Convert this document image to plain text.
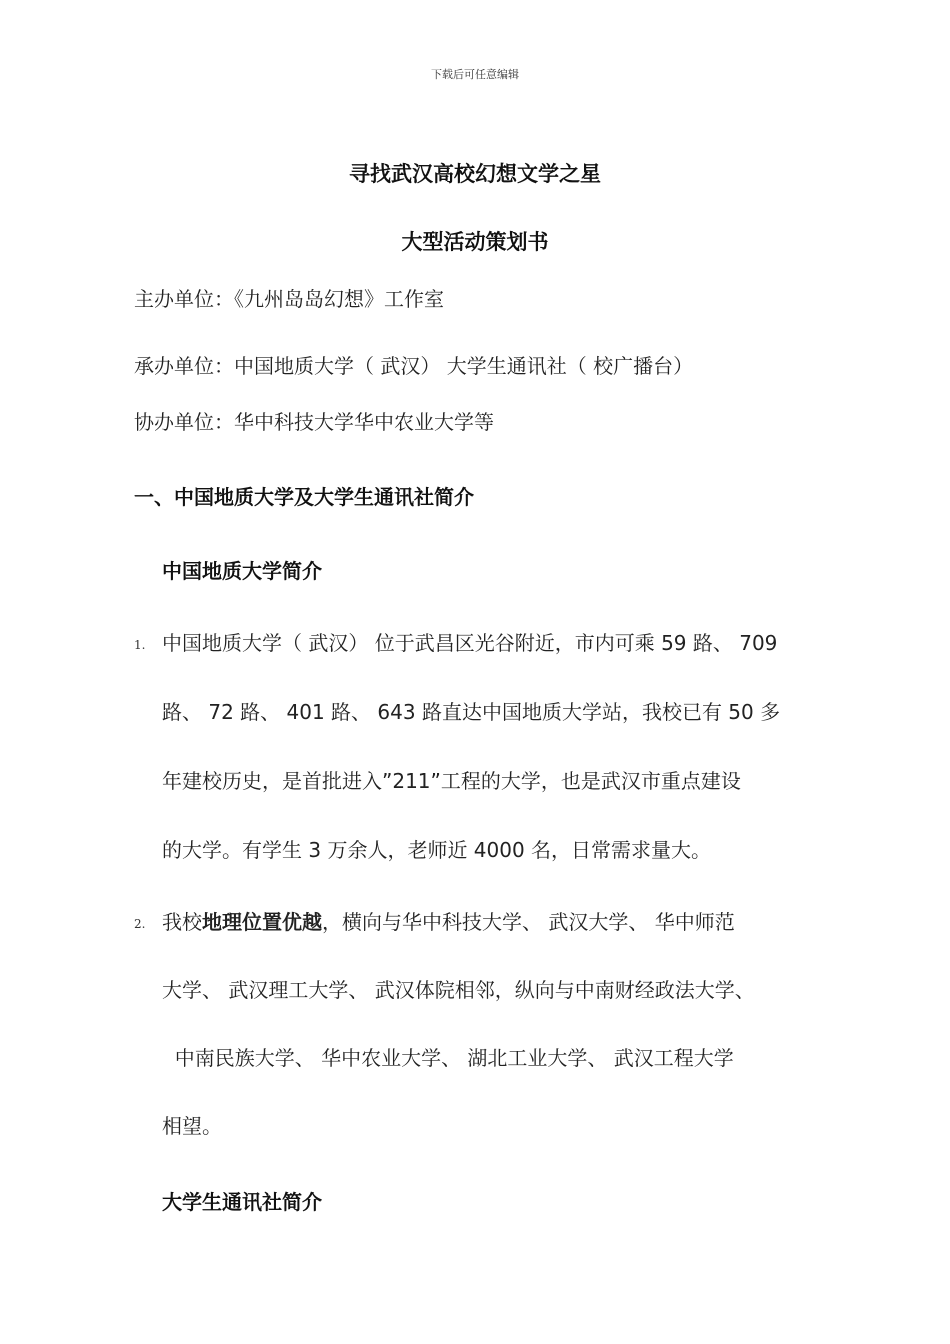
下载后可任意编辑
寻找武汉高校幻想文学之星
大型活动策划书
主办单位：《九州岛岛幻想》工作室
承办单位：中国地质大学（ 武汉） 大学生通讯社（ 校广播台）
协办单位：华中科技大学华中农业大学等
一、中国地质大学及大学生通讯社简介
中国地质大学简介
1. 中国地质大学（ 武汉） 位于武昌区光谷附近，市内可乘 59 路、 709
路、 72 路、 401 路、 643 路直达中国地质大学站，我校已有 50 多
年建校历史，是首批进入”211”工程的大学，也是武汉市重点建设
的大学。有学生 3 万余人，老师近 4000 名，日常需求量大。
2. 我校地理位置优越，横向与华中科技大学、 武汉大学、 华中师范
大学、 武汉理工大学、 武汉体院相邻，纵向与中南财经政法大学、
中南民族大学、 华中农业大学、 湖北工业大学、 武汉工程大学
相望。
大学生通讯社简介
